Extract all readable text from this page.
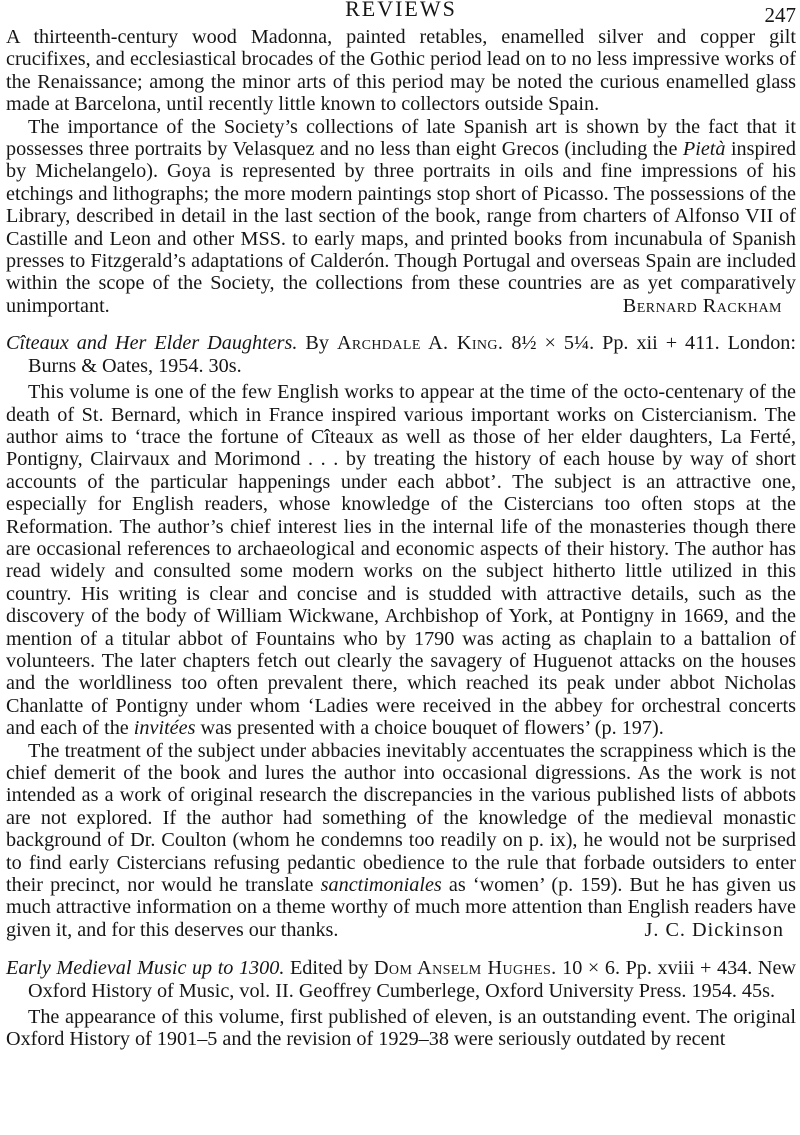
REVIEWS	247

A thirteenth-century wood Madonna, painted retables, enamelled silver and copper gilt crucifixes, and ecclesiastical brocades of the Gothic period lead on to no less impressive works of the Renaissance; among the minor arts of this period may be noted the curious enamelled glass made at Barcelona, until recently little known to collectors outside Spain.

The importance of the Society’s collections of late Spanish art is shown by the fact that it possesses three portraits by Velasquez and no less than eight Grecos (including the Pietà inspired by Michelangelo). Goya is represented by three portraits in oils and fine impressions of his etchings and lithographs; the more modern paintings stop short of Picasso. The possessions of the Library, described in detail in the last section of the book, range from charters of Alfonso VII of Castille and Leon and other MSS. to early maps, and printed books from incunabula of Spanish presses to Fitzgerald’s adaptations of Calderón. Though Portugal and overseas Spain are included within the scope of the Society, the collections from these countries are as yet comparatively unimportant.	Bernard Rackham

Cîteaux and Her Elder Daughters. By Archdale A. King. 8½ × 5¼. Pp. xii + 411. London: Burns & Oates, 1954. 30s.

This volume is one of the few English works to appear at the time of the octo-centenary of the death of St. Bernard, which in France inspired various important works on Cistercianism. The author aims to ‘trace the fortune of Cîteaux as well as those of her elder daughters, La Ferté, Pontigny, Clairvaux and Morimond . . . by treating the history of each house by way of short accounts of the particular happenings under each abbot’. The subject is an attractive one, especially for English readers, whose knowledge of the Cistercians too often stops at the Reformation. The author’s chief interest lies in the internal life of the monasteries though there are occasional references to archaeological and economic aspects of their history. The author has read widely and consulted some modern works on the subject hitherto little utilized in this country. His writing is clear and concise and is studded with attractive details, such as the discovery of the body of William Wickwane, Archbishop of York, at Pontigny in 1669, and the mention of a titular abbot of Fountains who by 1790 was acting as chaplain to a battalion of volunteers. The later chapters fetch out clearly the savagery of Huguenot attacks on the houses and the worldliness too often prevalent there, which reached its peak under abbot Nicholas Chanlatte of Pontigny under whom ‘Ladies were received in the abbey for orchestral concerts and each of the invitées was presented with a choice bouquet of flowers’ (p. 197).

The treatment of the subject under abbacies inevitably accentuates the scrappiness which is the chief demerit of the book and lures the author into occasional digressions. As the work is not intended as a work of original research the discrepancies in the various published lists of abbots are not explored. If the author had something of the knowledge of the medieval monastic background of Dr. Coulton (whom he condemns too readily on p. ix), he would not be surprised to find early Cistercians refusing pedantic obedience to the rule that forbade outsiders to enter their precinct, nor would he translate sanctimoniales as ‘women’ (p. 159). But he has given us much attractive information on a theme worthy of much more attention than English readers have given it, and for this deserves our thanks.	J. C. Dickinson

Early Medieval Music up to 1300. Edited by Dom Anselm Hughes. 10 × 6. Pp. xviii + 434. New Oxford History of Music, vol. II. Geoffrey Cumberlege, Oxford University Press. 1954. 45s.

The appearance of this volume, first published of eleven, is an outstanding event. The original Oxford History of 1901–5 and the revision of 1929–38 were seriously outdated by recent
